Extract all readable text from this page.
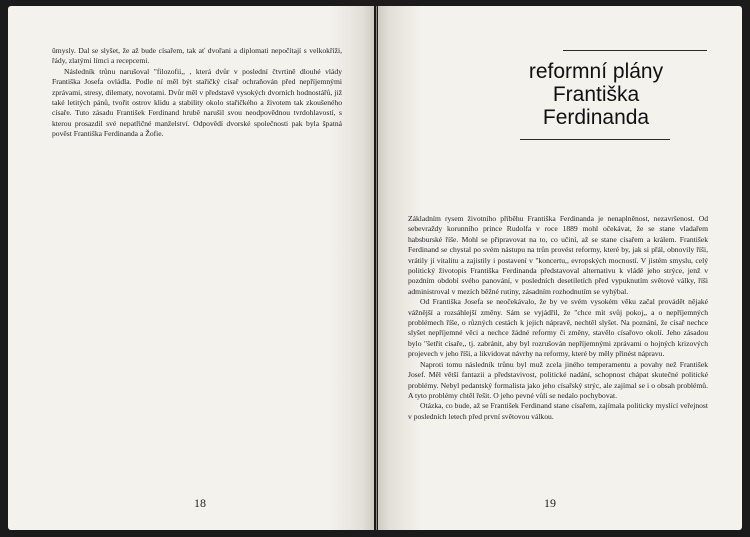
ûmysly. Dal se slyšet, že až bude císařem, tak ať dvořani a diplomati nepočítají s velkokříži, řády, zlatými límci a recepcemi.

Následník trůnu narušoval "filozofii,, , která dvůr v poslední čtvrtině dlouhé vlády Františka Josefa ovládla. Podle ní měl být stařičký císař ochraňován před nepříjemnými zprávami, stresy, dilematy, novotami. Dvůr měl v představě vysokých dvorních hodnostářů, již také letitých pánů, tvořit ostrov klidu a stability okolo stařičkého a životem tak zkoušeného císaře. Tuto zásadu František Ferdinand hrubě narušil svou neodpovědnou tvrdohlavostí, s kterou prosazdil své nepatřičné manželství. Odpovědí dvorské společnosti pak byla špatná pověst Františka Ferdinanda a Žofie.

18
reformní plány
Františka
Ferdinanda

Základním rysem životního příběhu Františka Ferdinanda je nenaplněnost, nezavršenost. Od sebevraždy korunního prince Rudolfa v roce 1889 mohl očekávat, že se stane vladařem habsburské říše. Mohl se připravovat na to, co učiní, až se stane císařem a králem. František Ferdinand se chystal po svém nástupu na trůn provést reformy, které by, jak si přál, obnovily říši, vrátily jí vitalitu a zajistily i postavení v "koncertu,, evropských mocností. V jistém smyslu, celý politický životopis Františka Ferdinanda představoval alternativu k vládě jeho strýce, jenž v pozdním období svého panování, v posledních desetiletích před vypuknutím světové války, říši administroval v mezích běžné rutiny, zásadním rozhodnutím se vyhýbal.

Od Františka Josefa se neočekávalo, že by ve svém vysokém věku začal provádět nějaké vážnější a rozsáhlejší změny. Sám se vyjádřil, že "chce mít svůj pokoj,, a o nepříjemných problémech říše, o různých cestách k jejich nápravě, nechtěl slyšet. Na poznání, že císař nechce slyšet nepříjemné věci a nechce žádné reformy či změny, stavělo císařovo okolí. Jeho zásadou bylo "šetřit císaře,, tj. zabránit, aby byl rozrušován nepříjemnými zprávami o hojných krizových projevech v jeho říši, a likvidovat návrhy na reformy, které by měly přinést nápravu.

Naproti tomu následník trůnu byl muž zcela jiného temperamentu a povahy než František Josef. Měl větší fantazii a představivost, politické nadání, schopnost chápat skutečné politické problémy. Nebyl pedantský formalista jako jeho císařský strýc, ale zajímal se i o obsah problémů. A tyto problémy chtěl řešit. O jeho pevné vůli se nedalo pochybovat.

Otázka, co bude, až se František Ferdinand stane císařem, zajímala politicky myslící veřejnost v posledních letech před první světovou válkou.

19
